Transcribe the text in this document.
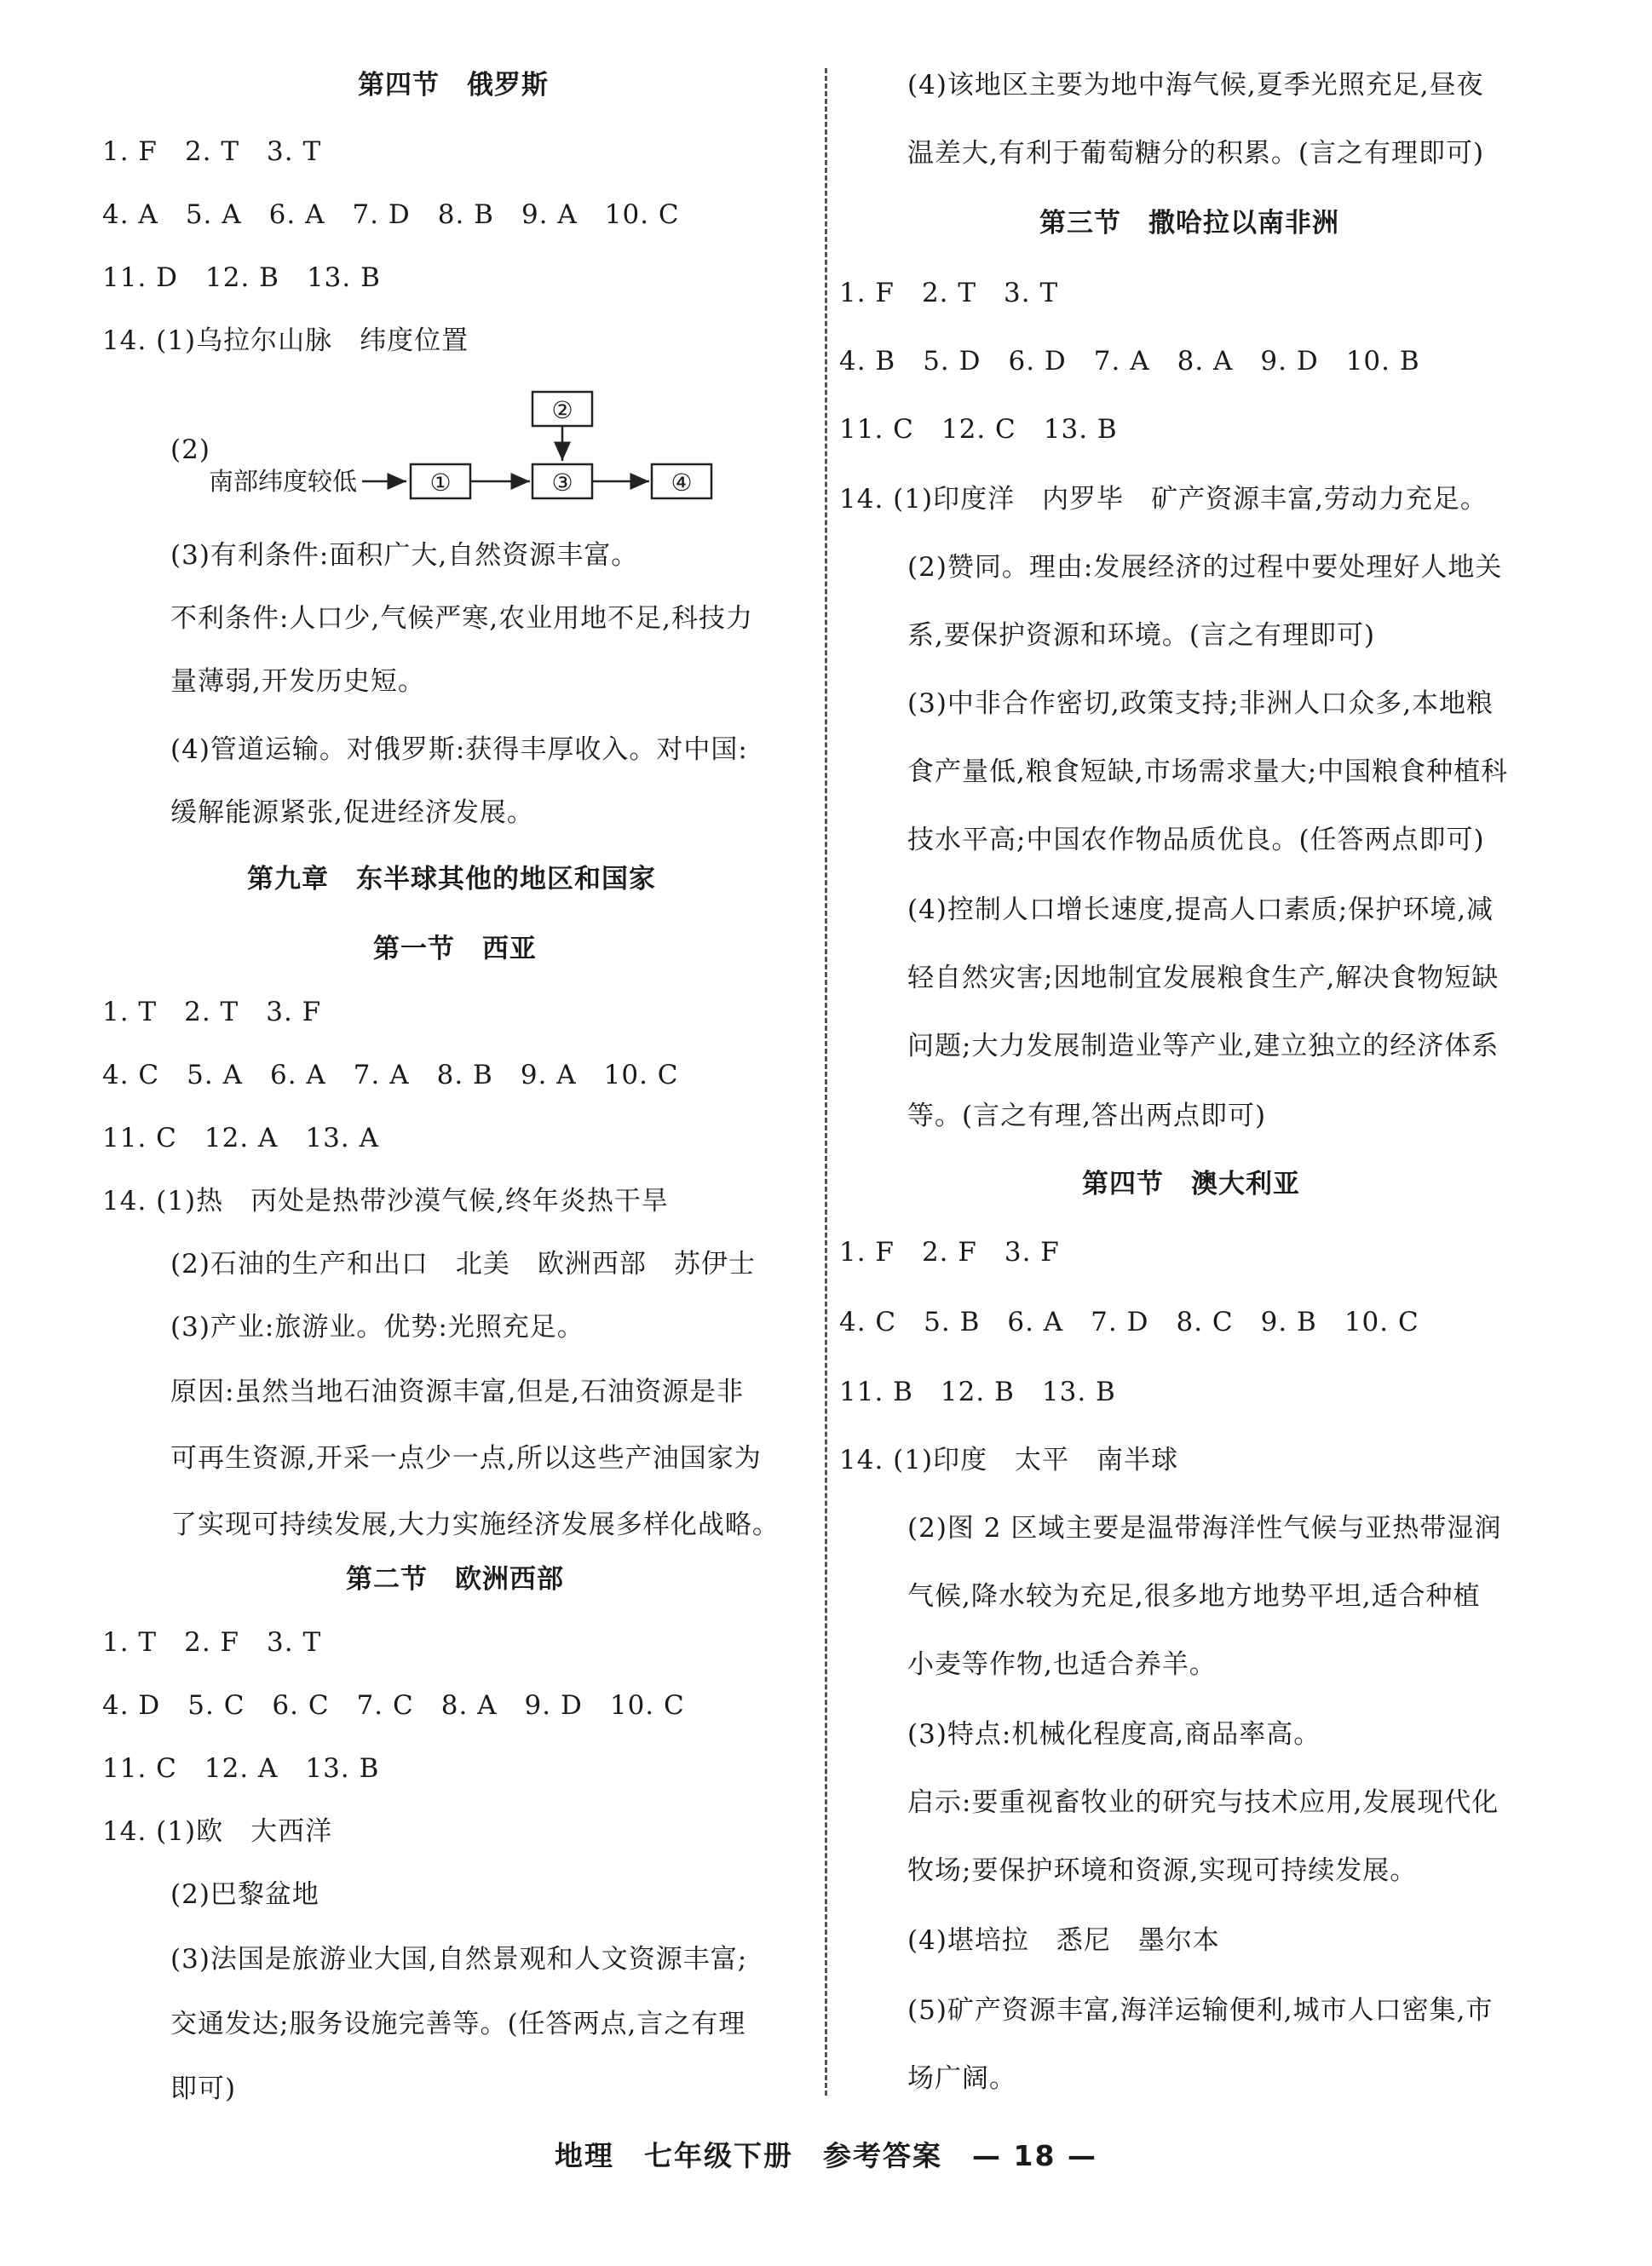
第四节　俄罗斯
1. F　2. T　3. T
4. A　5. A　6. A　7. D　8. B　9. A　10. C
11. D　12. B　13. B
14. (1)乌拉尔山脉　纬度位置
(2)
南部纬度较低	①
②
③	④
(3)有利条件:面积广大,自然资源丰富。
不利条件:人口少,气候严寒,农业用地不足,科技力
量薄弱,开发历史短。
(4)管道运输。对俄罗斯:获得丰厚收入。对中国:
缓解能源紧张,促进经济发展。
第九章　东半球其他的地区和国家
第一节　西亚
1. T　2. T　3. F
4. C　5. A　6. A　7. A　8. B　9. A　10. C
11. C　12. A　13. A
14. (1)热　丙处是热带沙漠气候,终年炎热干旱
(2)石油的生产和出口　北美　欧洲西部　苏伊士
(3)产业:旅游业。优势:光照充足。
原因:虽然当地石油资源丰富,但是,石油资源是非
可再生资源,开采一点少一点,所以这些产油国家为
了实现可持续发展,大力实施经济发展多样化战略。
第二节　欧洲西部
1. T　2. F　3. T
4. D　5. C　6. C　7. C　8. A　9. D　10. C
11. C　12. A　13. B
14. (1)欧　大西洋
(2)巴黎盆地
(3)法国是旅游业大国,自然景观和人文资源丰富;
交通发达;服务设施完善等。(任答两点,言之有理
即可)
(4)该地区主要为地中海气候,夏季光照充足,昼夜
温差大,有利于葡萄糖分的积累。(言之有理即可)
第三节　撒哈拉以南非洲
1. F　2. T　3. T
4. B　5. D　6. D　7. A　8. A　9. D　10. B
11. C　12. C　13. B
14. (1)印度洋　内罗毕　矿产资源丰富,劳动力充足。
(2)赞同。理由:发展经济的过程中要处理好人地关
系,要保护资源和环境。(言之有理即可)
(3)中非合作密切,政策支持;非洲人口众多,本地粮
食产量低,粮食短缺,市场需求量大;中国粮食种植科
技水平高;中国农作物品质优良。(任答两点即可)
(4)控制人口增长速度,提高人口素质;保护环境,减
轻自然灾害;因地制宜发展粮食生产,解决食物短缺
问题;大力发展制造业等产业,建立独立的经济体系
等。(言之有理,答出两点即可)
第四节　澳大利亚
1. F　2. F　3. F
4. C　5. B　6. A　7. D　8. C　9. B　10. C
11. B　12. B　13. B
14. (1)印度　太平　南半球
(2)图 2 区域主要是温带海洋性气候与亚热带湿润
气候,降水较为充足,很多地方地势平坦,适合种植
小麦等作物,也适合养羊。
(3)特点:机械化程度高,商品率高。
启示:要重视畜牧业的研究与技术应用,发展现代化
牧场;要保护环境和资源,实现可持续发展。
(4)堪培拉　悉尼　墨尔本
(5)矿产资源丰富,海洋运输便利,城市人口密集,市
场广阔。
地理　七年级下册　参考答案　— 18 —
